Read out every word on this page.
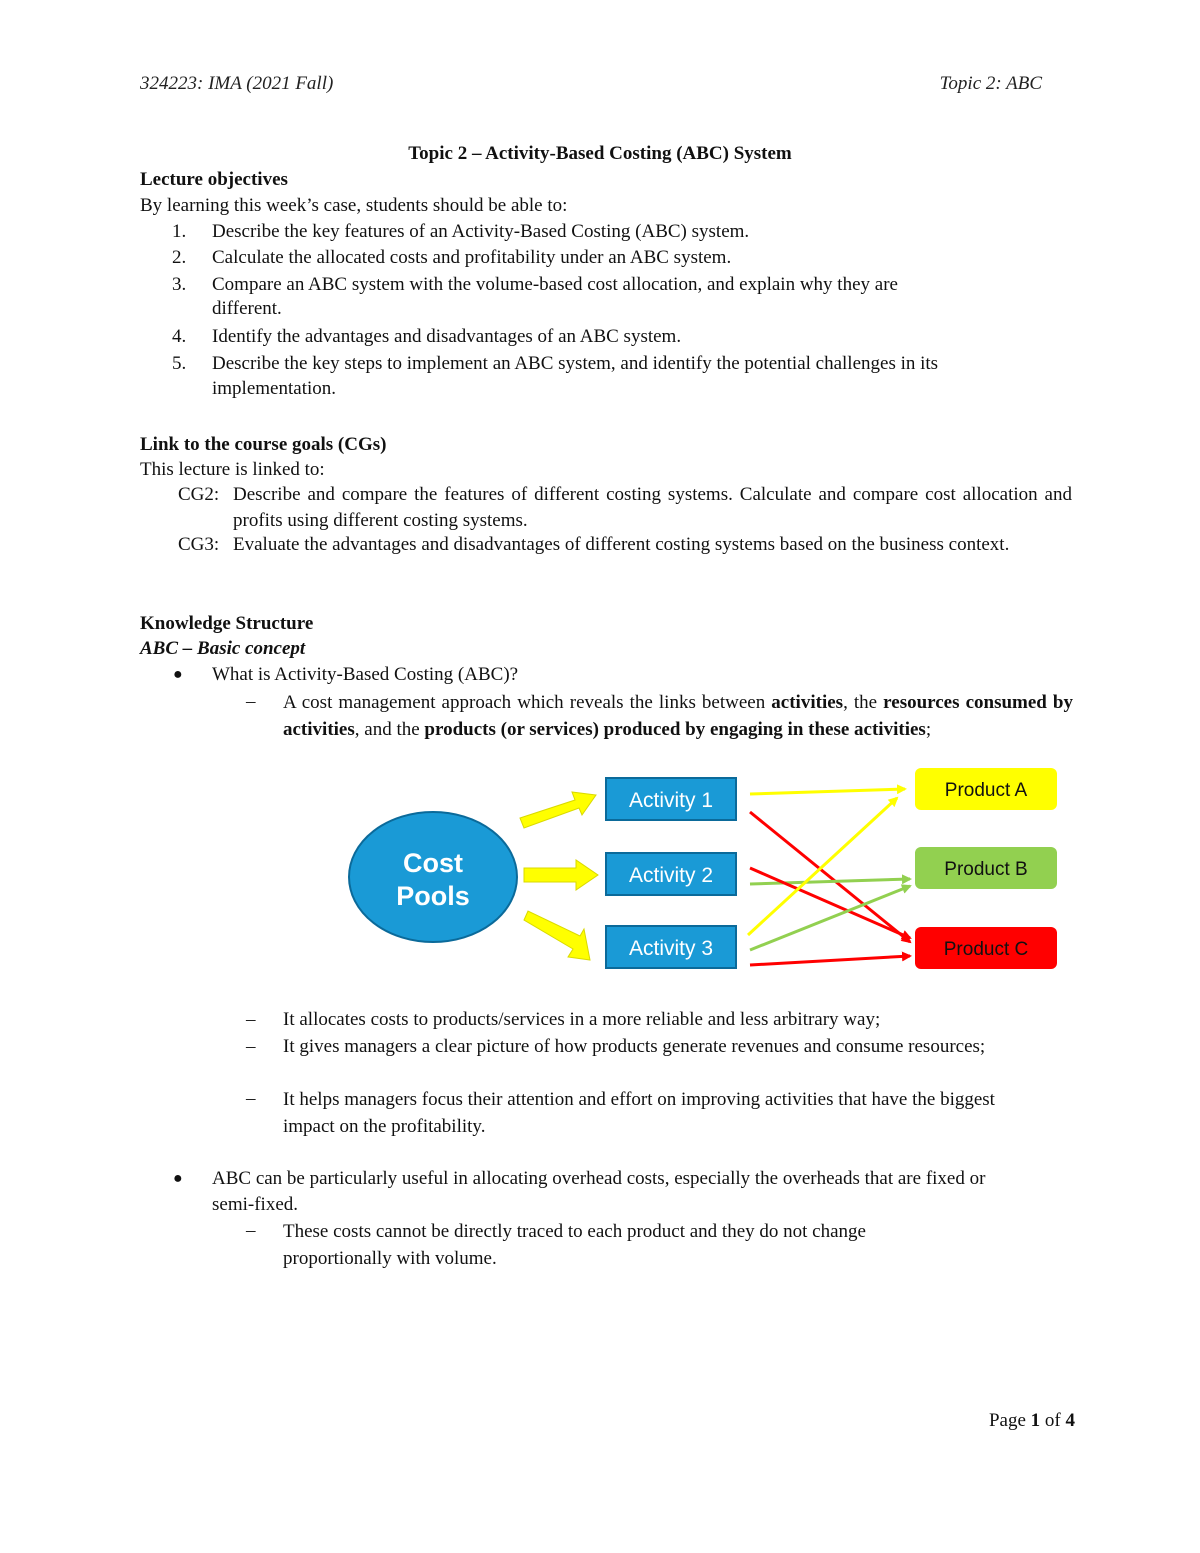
324223: IMA (2021 Fall)	Topic 2: ABC
Topic 2 – Activity-Based Costing (ABC) System
Lecture objectives
By learning this week’s case, students should be able to:
1.	Describe the key features of an Activity-Based Costing (ABC) system.
2.	Calculate the allocated costs and profitability under an ABC system.
3.	Compare an ABC system with the volume-based cost allocation, and explain why they are
different.
4.	Identify the advantages and disadvantages of an ABC system.
5.	Describe the key steps to implement an ABC system, and identify the potential challenges in its
implementation.
Link to the course goals (CGs)
This lecture is linked to:
CG2: Describe and compare the features of different costing systems. Calculate and compare cost allocation and profits using different costing systems.
CG3: Evaluate the advantages and disadvantages of different costing systems based on the business context.
Knowledge Structure
ABC – Basic concept
● What is Activity-Based Costing (ABC)?
– A cost management approach which reveals the links between activities, the resources consumed by activities, and the products (or services) produced by engaging in these activities;
Cost
Pools
Activity 1
Activity 2
Activity 3
Product A
Product B
Product C
– It allocates costs to products/services in a more reliable and less arbitrary way;
– It gives managers a clear picture of how products generate revenues and consume resources;
– It helps managers focus their attention and effort on improving activities that have the biggest impact on the profitability.
● ABC can be particularly useful in allocating overhead costs, especially the overheads that are fixed or semi-fixed.
– These costs cannot be directly traced to each product and they do not change proportionally with volume.
Page 1 of 4
